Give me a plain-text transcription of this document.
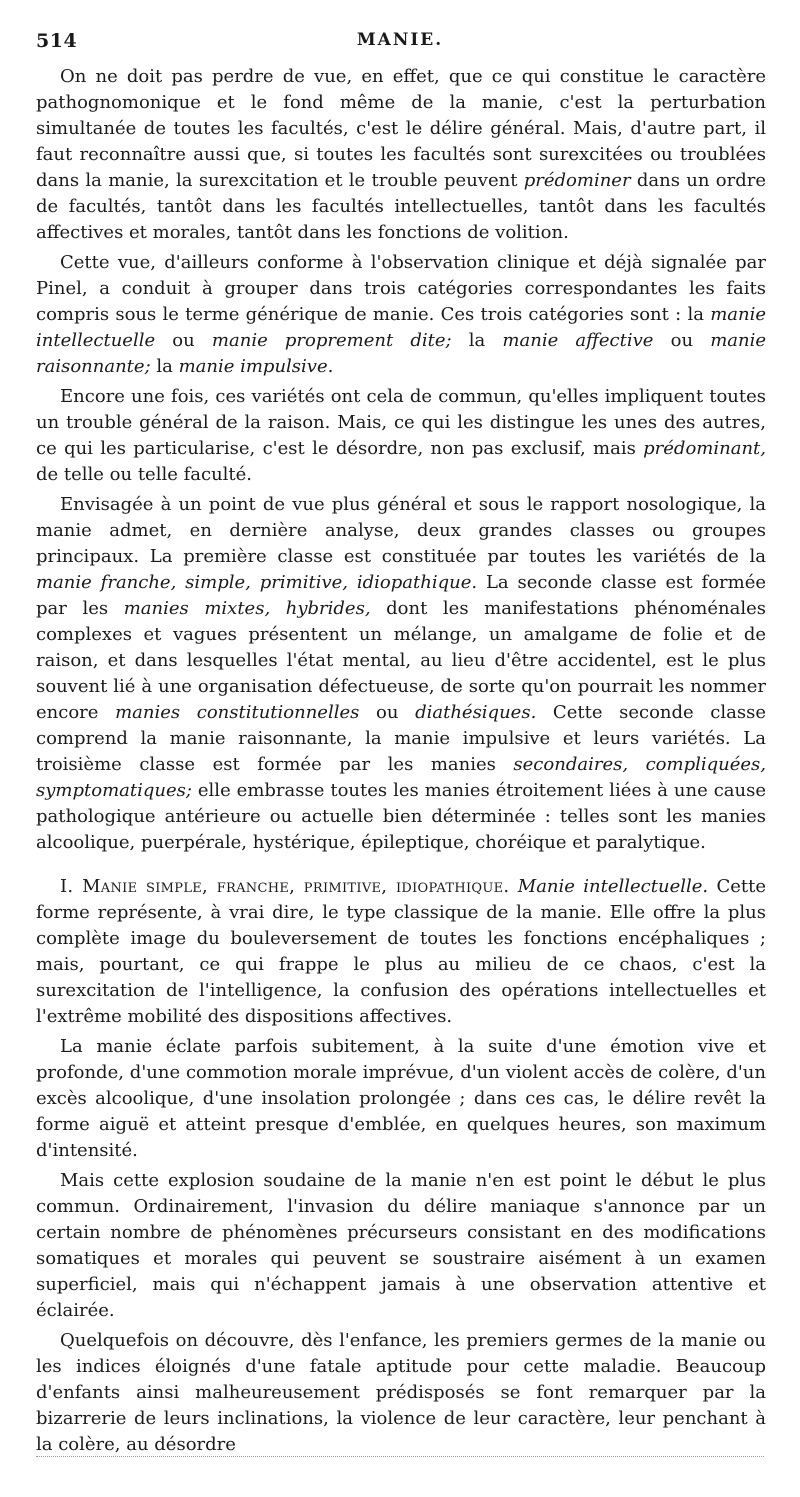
514	MANIE.

On ne doit pas perdre de vue, en effet, que ce qui constitue le caractère pathognomonique et le fond même de la manie, c'est la perturbation simultanée de toutes les facultés, c'est le délire général. Mais, d'autre part, il faut reconnaître aussi que, si toutes les facultés sont surexcitées ou troublées dans la manie, la surexcitation et le trouble peuvent prédominer dans un ordre de facultés, tantôt dans les facultés intellectuelles, tantôt dans les facultés affectives et morales, tantôt dans les fonctions de volition.

Cette vue, d'ailleurs conforme à l'observation clinique et déjà signalée par Pinel, a conduit à grouper dans trois catégories correspondantes les faits compris sous le terme générique de manie. Ces trois catégories sont : la manie intellectuelle ou manie proprement dite; la manie affective ou manie raisonnante; la manie impulsive.

Encore une fois, ces variétés ont cela de commun, qu'elles impliquent toutes un trouble général de la raison. Mais, ce qui les distingue les unes des autres, ce qui les particularise, c'est le désordre, non pas exclusif, mais prédominant, de telle ou telle faculté.

Envisagée à un point de vue plus général et sous le rapport nosologique, la manie admet, en dernière analyse, deux grandes classes ou groupes principaux. La première classe est constituée par toutes les variétés de la manie franche, simple, primitive, idiopathique. La seconde classe est formée par les manies mixtes, hybrides, dont les manifestations phénoménales complexes et vagues présentent un mélange, un amalgame de folie et de raison, et dans lesquelles l'état mental, au lieu d'être accidentel, est le plus souvent lié à une organisation défectueuse, de sorte qu'on pourrait les nommer encore manies constitutionnelles ou diathésiques. Cette seconde classe comprend la manie raisonnante, la manie impulsive et leurs variétés. La troisième classe est formée par les manies secondaires, compliquées, symptomatiques; elle embrasse toutes les manies étroitement liées à une cause pathologique antérieure ou actuelle bien déterminée : telles sont les manies alcoolique, puerpérale, hystérique, épileptique, choréique et paralytique.

I. Manie simple, franche, primitive, idiopathique. Manie intellectuelle. Cette forme représente, à vrai dire, le type classique de la manie. Elle offre la plus complète image du bouleversement de toutes les fonctions encéphaliques ; mais, pourtant, ce qui frappe le plus au milieu de ce chaos, c'est la surexcitation de l'intelligence, la confusion des opérations intellectuelles et l'extrême mobilité des dispositions affectives.

La manie éclate parfois subitement, à la suite d'une émotion vive et profonde, d'une commotion morale imprévue, d'un violent accès de colère, d'un excès alcoolique, d'une insolation prolongée ; dans ces cas, le délire revêt la forme aiguë et atteint presque d'emblée, en quelques heures, son maximum d'intensité.

Mais cette explosion soudaine de la manie n'en est point le début le plus commun. Ordinairement, l'invasion du délire maniaque s'annonce par un certain nombre de phénomènes précurseurs consistant en des modifications somatiques et morales qui peuvent se soustraire aisément à un examen superficiel, mais qui n'échappent jamais à une observation attentive et éclairée.

Quelquefois on découvre, dès l'enfance, les premiers germes de la manie ou les indices éloignés d'une fatale aptitude pour cette maladie. Beaucoup d'enfants ainsi malheureusement prédisposés se font remarquer par la bizarrerie de leurs inclinations, la violence de leur caractère, leur penchant à la colère, au désordre
